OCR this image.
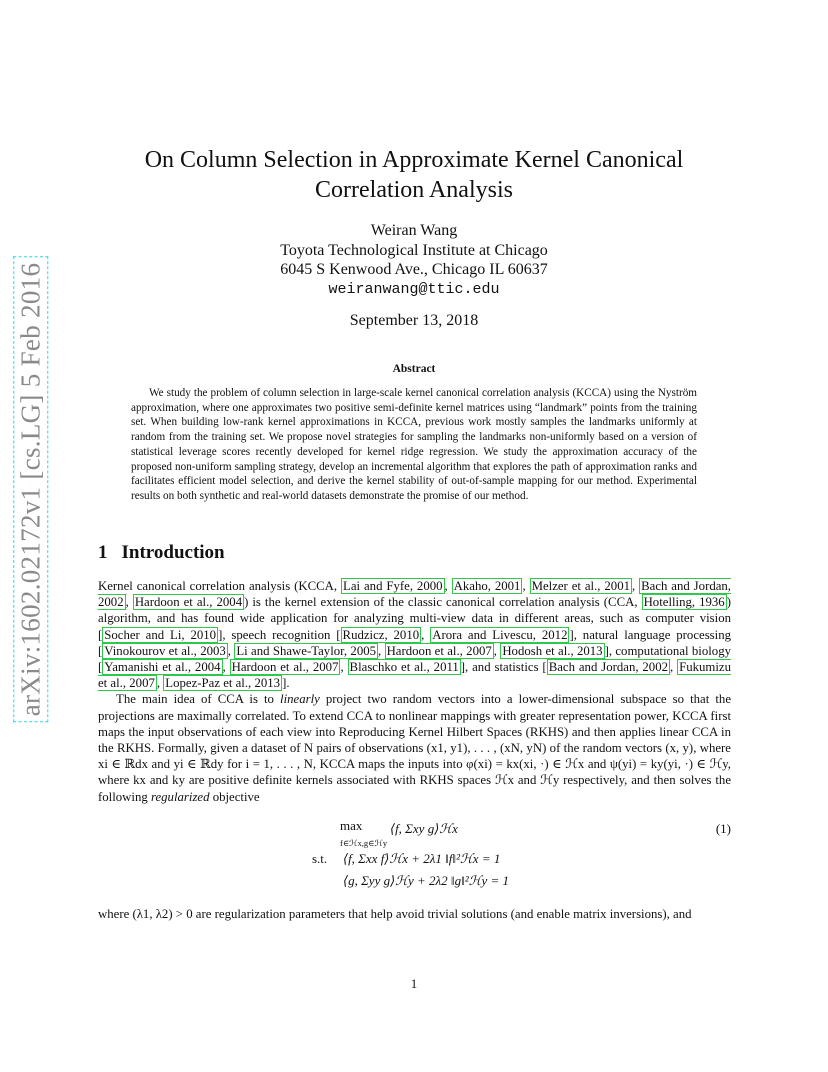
arXiv:1602.02172v1 [cs.LG] 5 Feb 2016
On Column Selection in Approximate Kernel Canonical
Correlation Analysis
Weiran Wang
Toyota Technological Institute at Chicago
6045 S Kenwood Ave., Chicago IL 60637
weiranwang@ttic.edu
September 13, 2018
Abstract

We study the problem of column selection in large-scale kernel canonical correlation analysis (KCCA) using the Nyström approximation, where one approximates two positive semi-definite kernel matrices using “landmark” points from the training set. When building low-rank kernel approximations in KCCA, previous work mostly samples the landmarks uniformly at random from the training set. We propose novel strategies for sampling the landmarks non-uniformly based on a version of statistical leverage scores recently developed for kernel ridge regression. We study the approximation accuracy of the proposed non-uniform sampling strategy, develop an incremental algorithm that explores the path of approximation ranks and facilitates efficient model selection, and derive the kernel stability of out-of-sample mapping for our method. Experimental results on both synthetic and real-world datasets demonstrate the promise of our method.

1 Introduction

Kernel canonical correlation analysis (KCCA, Lai and Fyfe, 2000 , Akaho, 2001 , Melzer et al., 2001 , Bach and Jordan, 2002 , Hardoon et al., 2004 ) is the kernel extension of the classic canonical correlation analysis (CCA, Hotelling, 1936 ) algorithm, and has found wide application for analyzing multi-view data in different areas, such as computer vision [ Socher and Li, 2010 ], speech recognition [ Rudzicz, 2010 , Arora and Livescu, 2012 ], natural language processing [ Vinokourov et al., 2003 , Li and Shawe-Taylor, 2005 , Hardoon et al., 2007 , Hodosh et al., 2013 ], computational biology [ Yamanishi et al., 2004 , Hardoon et al., 2007 , Blaschko et al., 2011 ], and statistics [ Bach and Jordan, 2002 , Fukumizu et al., 2007 , Lopez-Paz et al., 2013 ].

The main idea of CCA is to linearly project two random vectors into a lower-dimensional subspace so that the projections are maximally correlated. To extend CCA to nonlinear mappings with greater representation power, KCCA first maps the input observations of each view into Reproducing Kernel Hilbert Spaces (RKHS) and then applies linear CCA in the RKHS. Formally, given a dataset of N pairs of observations (x1, y1), . . . , (xN, yN) of the random vectors (x, y), where xi ∈ ℝdx and yi ∈ ℝdy for i = 1, . . . , N, KCCA maps the inputs into φ(xi) = kx(xi, ·) ∈ ℋx and ψ(yi) = ky(yi, ·) ∈ ℋy, where kx and ky are positive definite kernels associated with RKHS spaces ℋx and ℋy respectively, and then solves the following regularized objective

max
f∈ℋx,g∈ℋy
⟨f, Σxy g⟩ℋx	(1)
s.t. ⟨f, Σxx f⟩ℋx + 2λ1 ‖f‖²ℋx = 1
⟨g, Σyy g⟩ℋy + 2λ2 ‖g‖²ℋy = 1
where (λ1, λ2) > 0 are regularization parameters that help avoid trivial solutions (and enable matrix inversions), and
1
